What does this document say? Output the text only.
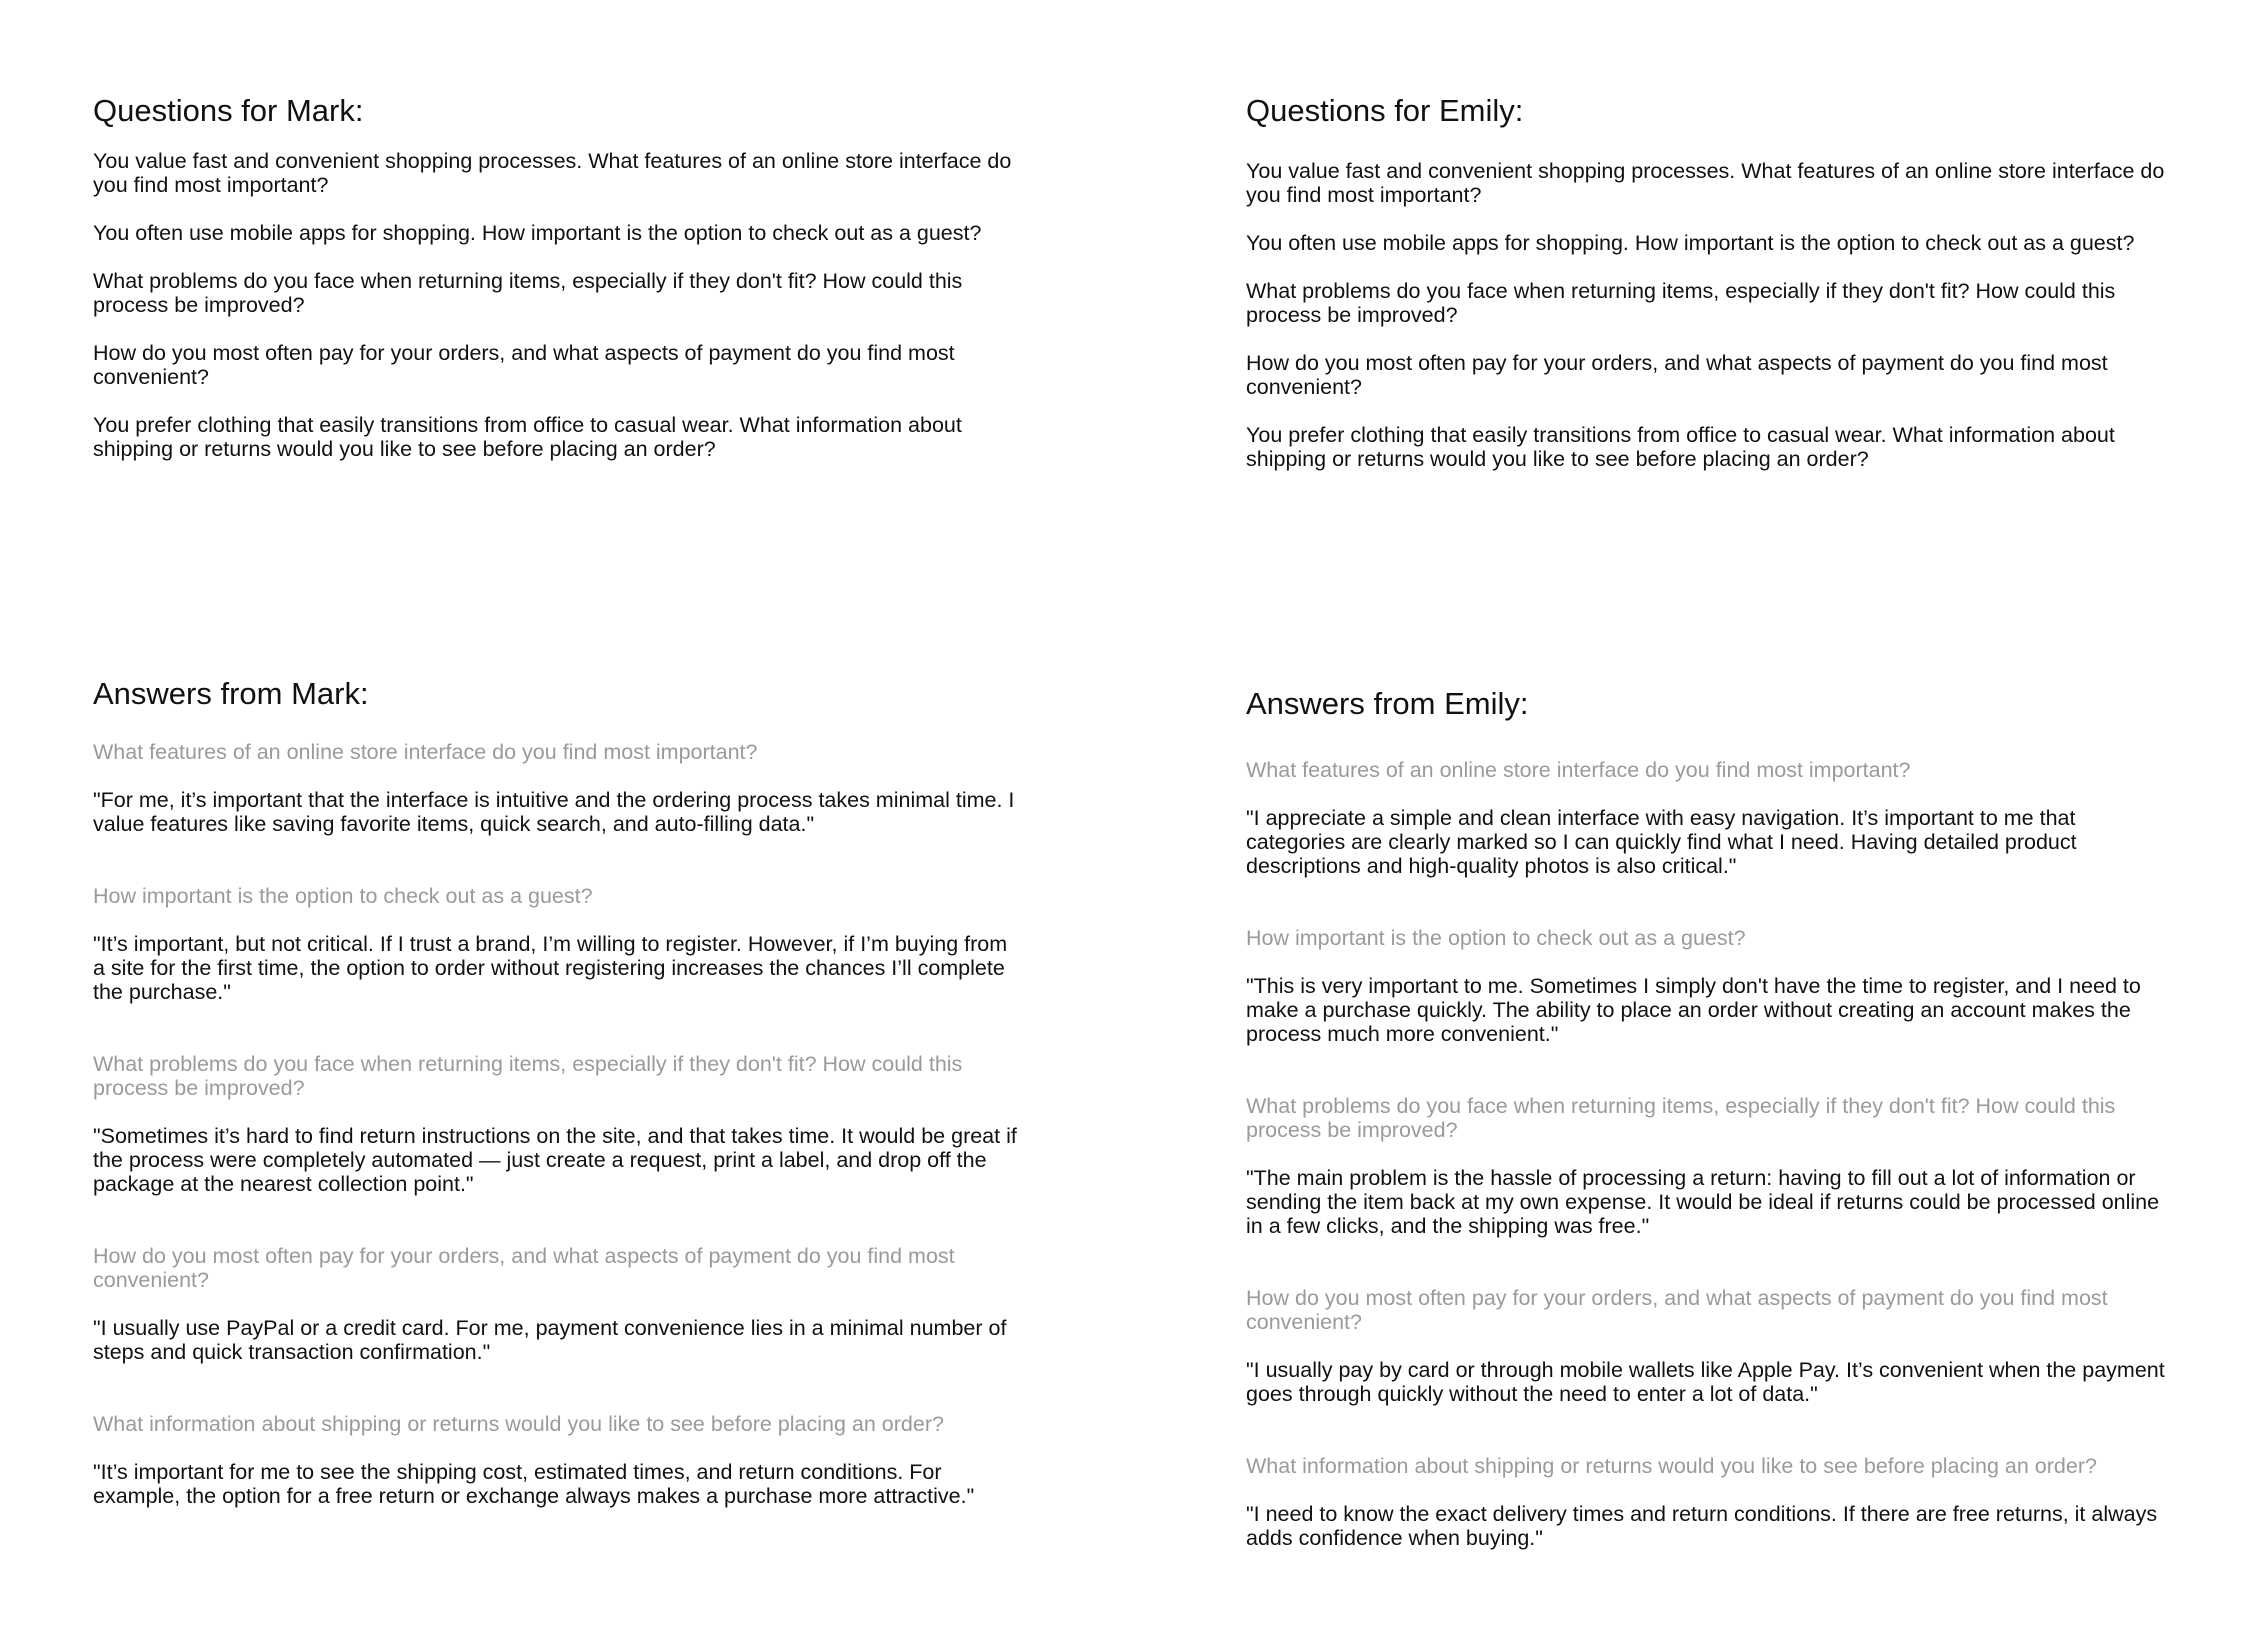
Questions for Mark:
You value fast and convenient shopping processes. What features of an online store interface do you find most important?
You often use mobile apps for shopping. How important is the option to check out as a guest?
What problems do you face when returning items, especially if they don't fit? How could this process be improved?
How do you most often pay for your orders, and what aspects of payment do you find most convenient?
You prefer clothing that easily transitions from office to casual wear. What information about shipping or returns would you like to see before placing an order?
Questions for Emily:
You value fast and convenient shopping processes. What features of an online store interface do you find most important?
You often use mobile apps for shopping. How important is the option to check out as a guest?
What problems do you face when returning items, especially if they don't fit? How could this process be improved?
How do you most often pay for your orders, and what aspects of payment do you find most convenient?
You prefer clothing that easily transitions from office to casual wear. What information about shipping or returns would you like to see before placing an order?
Answers from Mark:

What features of an online store interface do you find most important?

"For me, it’s important that the interface is intuitive and the ordering process takes minimal time. I value features like saving favorite items, quick search, and auto-filling data."

How important is the option to check out as a guest?

"It’s important, but not critical. If I trust a brand, I’m willing to register. However, if I’m buying from a site for the first time, the option to order without registering increases the chances I’ll complete the purchase."

What problems do you face when returning items, especially if they don't fit? How could this process be improved?

"Sometimes it’s hard to find return instructions on the site, and that takes time. It would be great if the process were completely automated — just create a request, print a label, and drop off the package at the nearest collection point."

How do you most often pay for your orders, and what aspects of payment do you find most convenient?

"I usually use PayPal or a credit card. For me, payment convenience lies in a minimal number of steps and quick transaction confirmation."

What information about shipping or returns would you like to see before placing an order?

"It’s important for me to see the shipping cost, estimated times, and return conditions. For example, the option for a free return or exchange always makes a purchase more attractive."

Answers from Emily:

What features of an online store interface do you find most important?

"I appreciate a simple and clean interface with easy navigation. It’s important to me that categories are clearly marked so I can quickly find what I need. Having detailed product descriptions and high-quality photos is also critical."

How important is the option to check out as a guest?

"This is very important to me. Sometimes I simply don't have the time to register, and I need to make a purchase quickly. The ability to place an order without creating an account makes the process much more convenient."

What problems do you face when returning items, especially if they don't fit? How could this process be improved?

"The main problem is the hassle of processing a return: having to fill out a lot of information or sending the item back at my own expense. It would be ideal if returns could be processed online in a few clicks, and the shipping was free."

How do you most often pay for your orders, and what aspects of payment do you find most convenient?

"I usually pay by card or through mobile wallets like Apple Pay. It’s convenient when the payment goes through quickly without the need to enter a lot of data."

What information about shipping or returns would you like to see before placing an order?

"I need to know the exact delivery times and return conditions. If there are free returns, it always adds confidence when buying."
